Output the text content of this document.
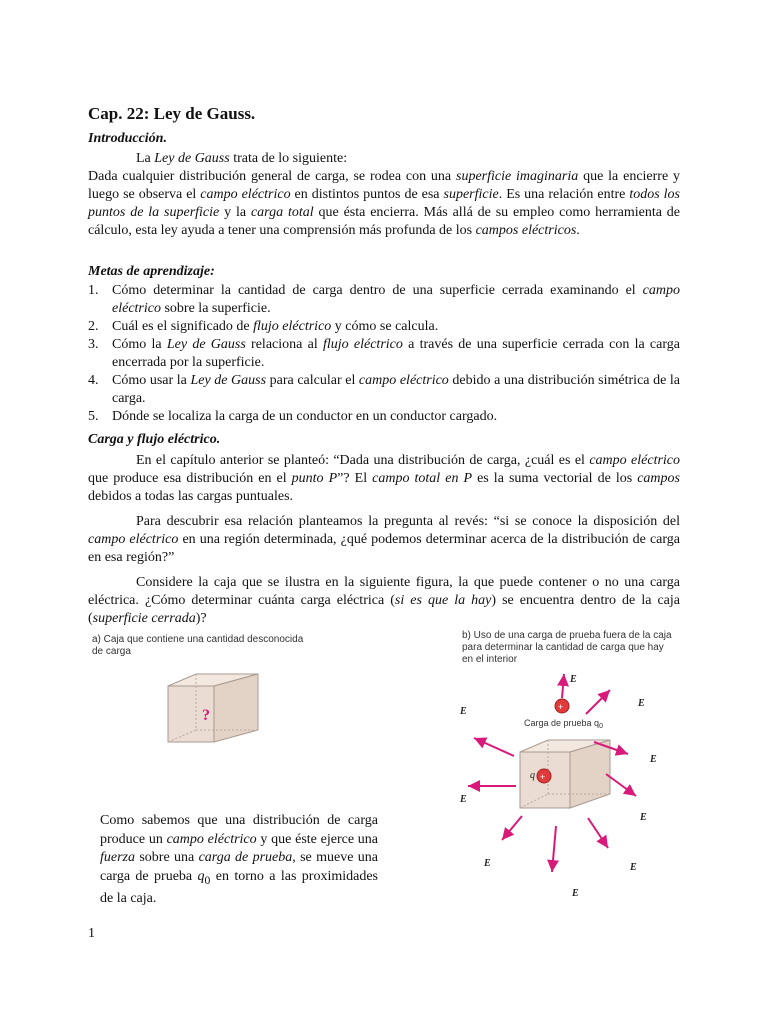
Cap. 22: Ley de Gauss.

Introducción.

La Ley de Gauss trata de lo siguiente:

Dada cualquier distribución general de carga, se rodea con una superficie imaginaria que la encierre y luego se observa el campo eléctrico en distintos puntos de esa superficie. Es una relación entre todos los puntos de la superficie y la carga total que ésta encierra. Más allá de su empleo como herramienta de cálculo, esta ley ayuda a tener una comprensión más profunda de los campos eléctricos.

Metas de aprendizaje:

1. Cómo determinar la cantidad de carga dentro de una superficie cerrada examinando el campo eléctrico sobre la superficie.
2. Cuál es el significado de flujo eléctrico y cómo se calcula.
3. Cómo la Ley de Gauss relaciona al flujo eléctrico a través de una superficie cerrada con la carga encerrada por la superficie.
4. Cómo usar la Ley de Gauss para calcular el campo eléctrico debido a una distribución simétrica de la carga.
5. Dónde se localiza la carga de un conductor en un conductor cargado.

Carga y flujo eléctrico.

En el capítulo anterior se planteó: “Dada una distribución de carga, ¿cuál es el campo eléctrico que produce esa distribución en el punto P”? El campo total en P es la suma vectorial de los campos debidos a todas las cargas puntuales.

Para descubrir esa relación planteamos la pregunta al revés: “si se conoce la disposición del campo eléctrico en una región determinada, ¿qué podemos determinar acerca de la distribución de carga en esa región?”

Considere la caja que se ilustra en la siguiente figura, la que puede contener o no una carga eléctrica. ¿Cómo determinar cuánta carga eléctrica (si es que la hay) se encuentra dentro de la caja (superficie cerrada)?

a) Caja que contiene una cantidad desconocida
de carga
?
b) Uso de una carga de prueba fuera de la caja
para determinar la cantidad de carga que hay
en el interior
+
q
+
Carga de prueba $q_0$
E
E
E
E
E
E
E
E
E

Como sabemos que una distribución de carga produce un campo eléctrico y que éste ejerce una fuerza sobre una carga de prueba, se mueve una carga de prueba $q_0$ en torno a las proximidades de la caja.

1
